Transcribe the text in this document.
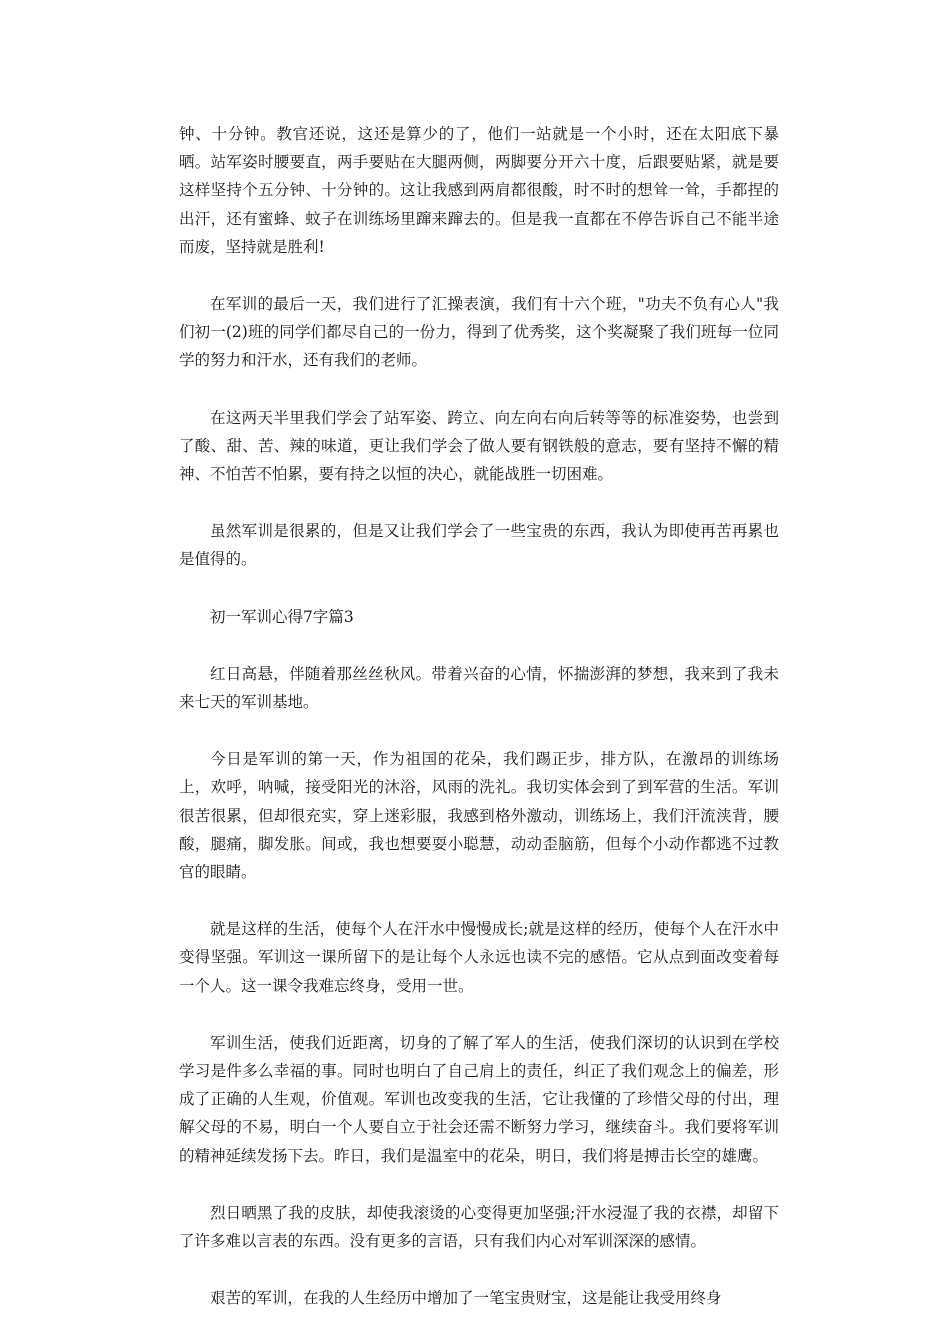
钟、十分钟。教官还说，这还是算少的了，他们一站就是一个小时，还在太阳底下暴晒。站军姿时腰要直，两手要贴在大腿两侧，两脚要分开六十度，后跟要贴紧，就是要这样坚持个五分钟、十分钟的。这让我感到两肩都很酸，时不时的想耸一耸，手都捏的出汗，还有蜜蜂、蚊子在训练场里蹿来蹿去的。但是我一直都在不停告诉自己不能半途而废，坚持就是胜利!

在军训的最后一天，我们进行了汇操表演，我们有十六个班，"功夫不负有心人"我们初一(2)班的同学们都尽自己的一份力，得到了优秀奖，这个奖凝聚了我们班每一位同学的努力和汗水，还有我们的老师。

在这两天半里我们学会了站军姿、跨立、向左向右向后转等等的标准姿势，也尝到了酸、甜、苦、辣的味道，更让我们学会了做人要有钢铁般的意志，要有坚持不懈的精神、不怕苦不怕累，要有持之以恒的决心，就能战胜一切困难。

虽然军训是很累的，但是又让我们学会了一些宝贵的东西，我认为即使再苦再累也是值得的。

初一军训心得7字篇3

红日高悬，伴随着那丝丝秋风。带着兴奋的心情，怀揣澎湃的梦想，我来到了我未来七天的军训基地。

今日是军训的第一天，作为祖国的花朵，我们踢正步，排方队，在激昂的训练场上，欢呼，呐喊，接受阳光的沐浴，风雨的洗礼。我切实体会到了到军营的生活。军训很苦很累，但却很充实，穿上迷彩服，我感到格外激动，训练场上，我们汗流浃背，腰酸，腿痛，脚发胀。间或，我也想要耍小聪慧，动动歪脑筋，但每个小动作都逃不过教官的眼睛。

就是这样的生活，使每个人在汗水中慢慢成长;就是这样的经历，使每个人在汗水中变得坚强。军训这一课所留下的是让每个人永远也读不完的感悟。它从点到面改变着每一个人。这一课令我难忘终身，受用一世。

军训生活，使我们近距离，切身的了解了军人的生活，使我们深切的认识到在学校学习是件多么幸福的事。同时也明白了自己肩上的责任，纠正了我们观念上的偏差，形成了正确的人生观，价值观。军训也改变我的生活，它让我懂的了珍惜父母的付出，理解父母的不易，明白一个人要自立于社会还需不断努力学习，继续奋斗。我们要将军训的精神延续发扬下去。昨日，我们是温室中的花朵，明日，我们将是搏击长空的雄鹰。

烈日晒黑了我的皮肤，却使我滚烫的心变得更加坚强;汗水浸湿了我的衣襟，却留下了许多难以言表的东西。没有更多的言语，只有我们内心对军训深深的感情。

艰苦的军训，在我的人生经历中增加了一笔宝贵财宝，这是能让我受用终身
